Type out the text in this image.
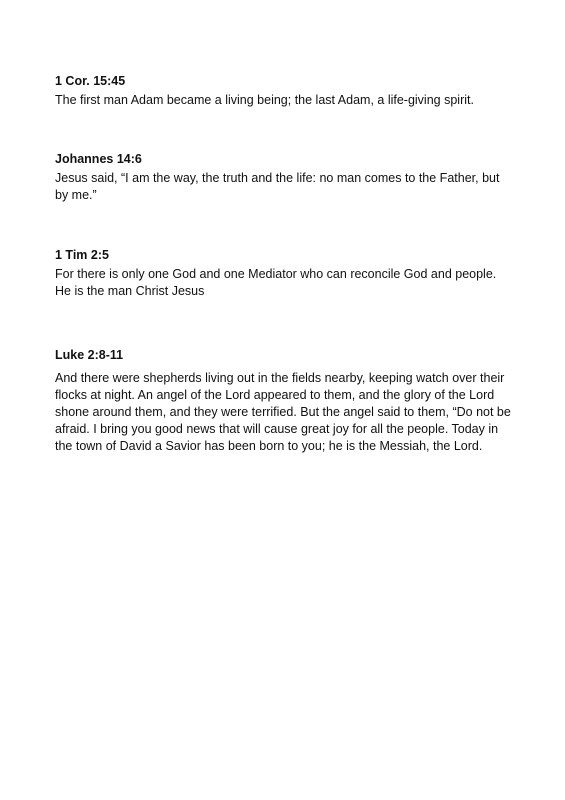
1 Cor. 15:45

The first man Adam became a living being; the last Adam, a life-giving spirit.

Johannes 14:6

Jesus said, “I am the way, the truth and the life: no man comes to the Father, but by me.”

1 Tim 2:5

For there is only one God and one Mediator who can reconcile God and people. He is the man Christ Jesus

Luke 2:8-11

And there were shepherds living out in the fields nearby, keeping watch over their flocks at night. An angel of the Lord appeared to them, and the glory of the Lord shone around them, and they were terrified. But the angel said to them, “Do not be afraid. I bring you good news that will cause great joy for all the people. Today in the town of David a Savior has been born to you; he is the Messiah, the Lord.
